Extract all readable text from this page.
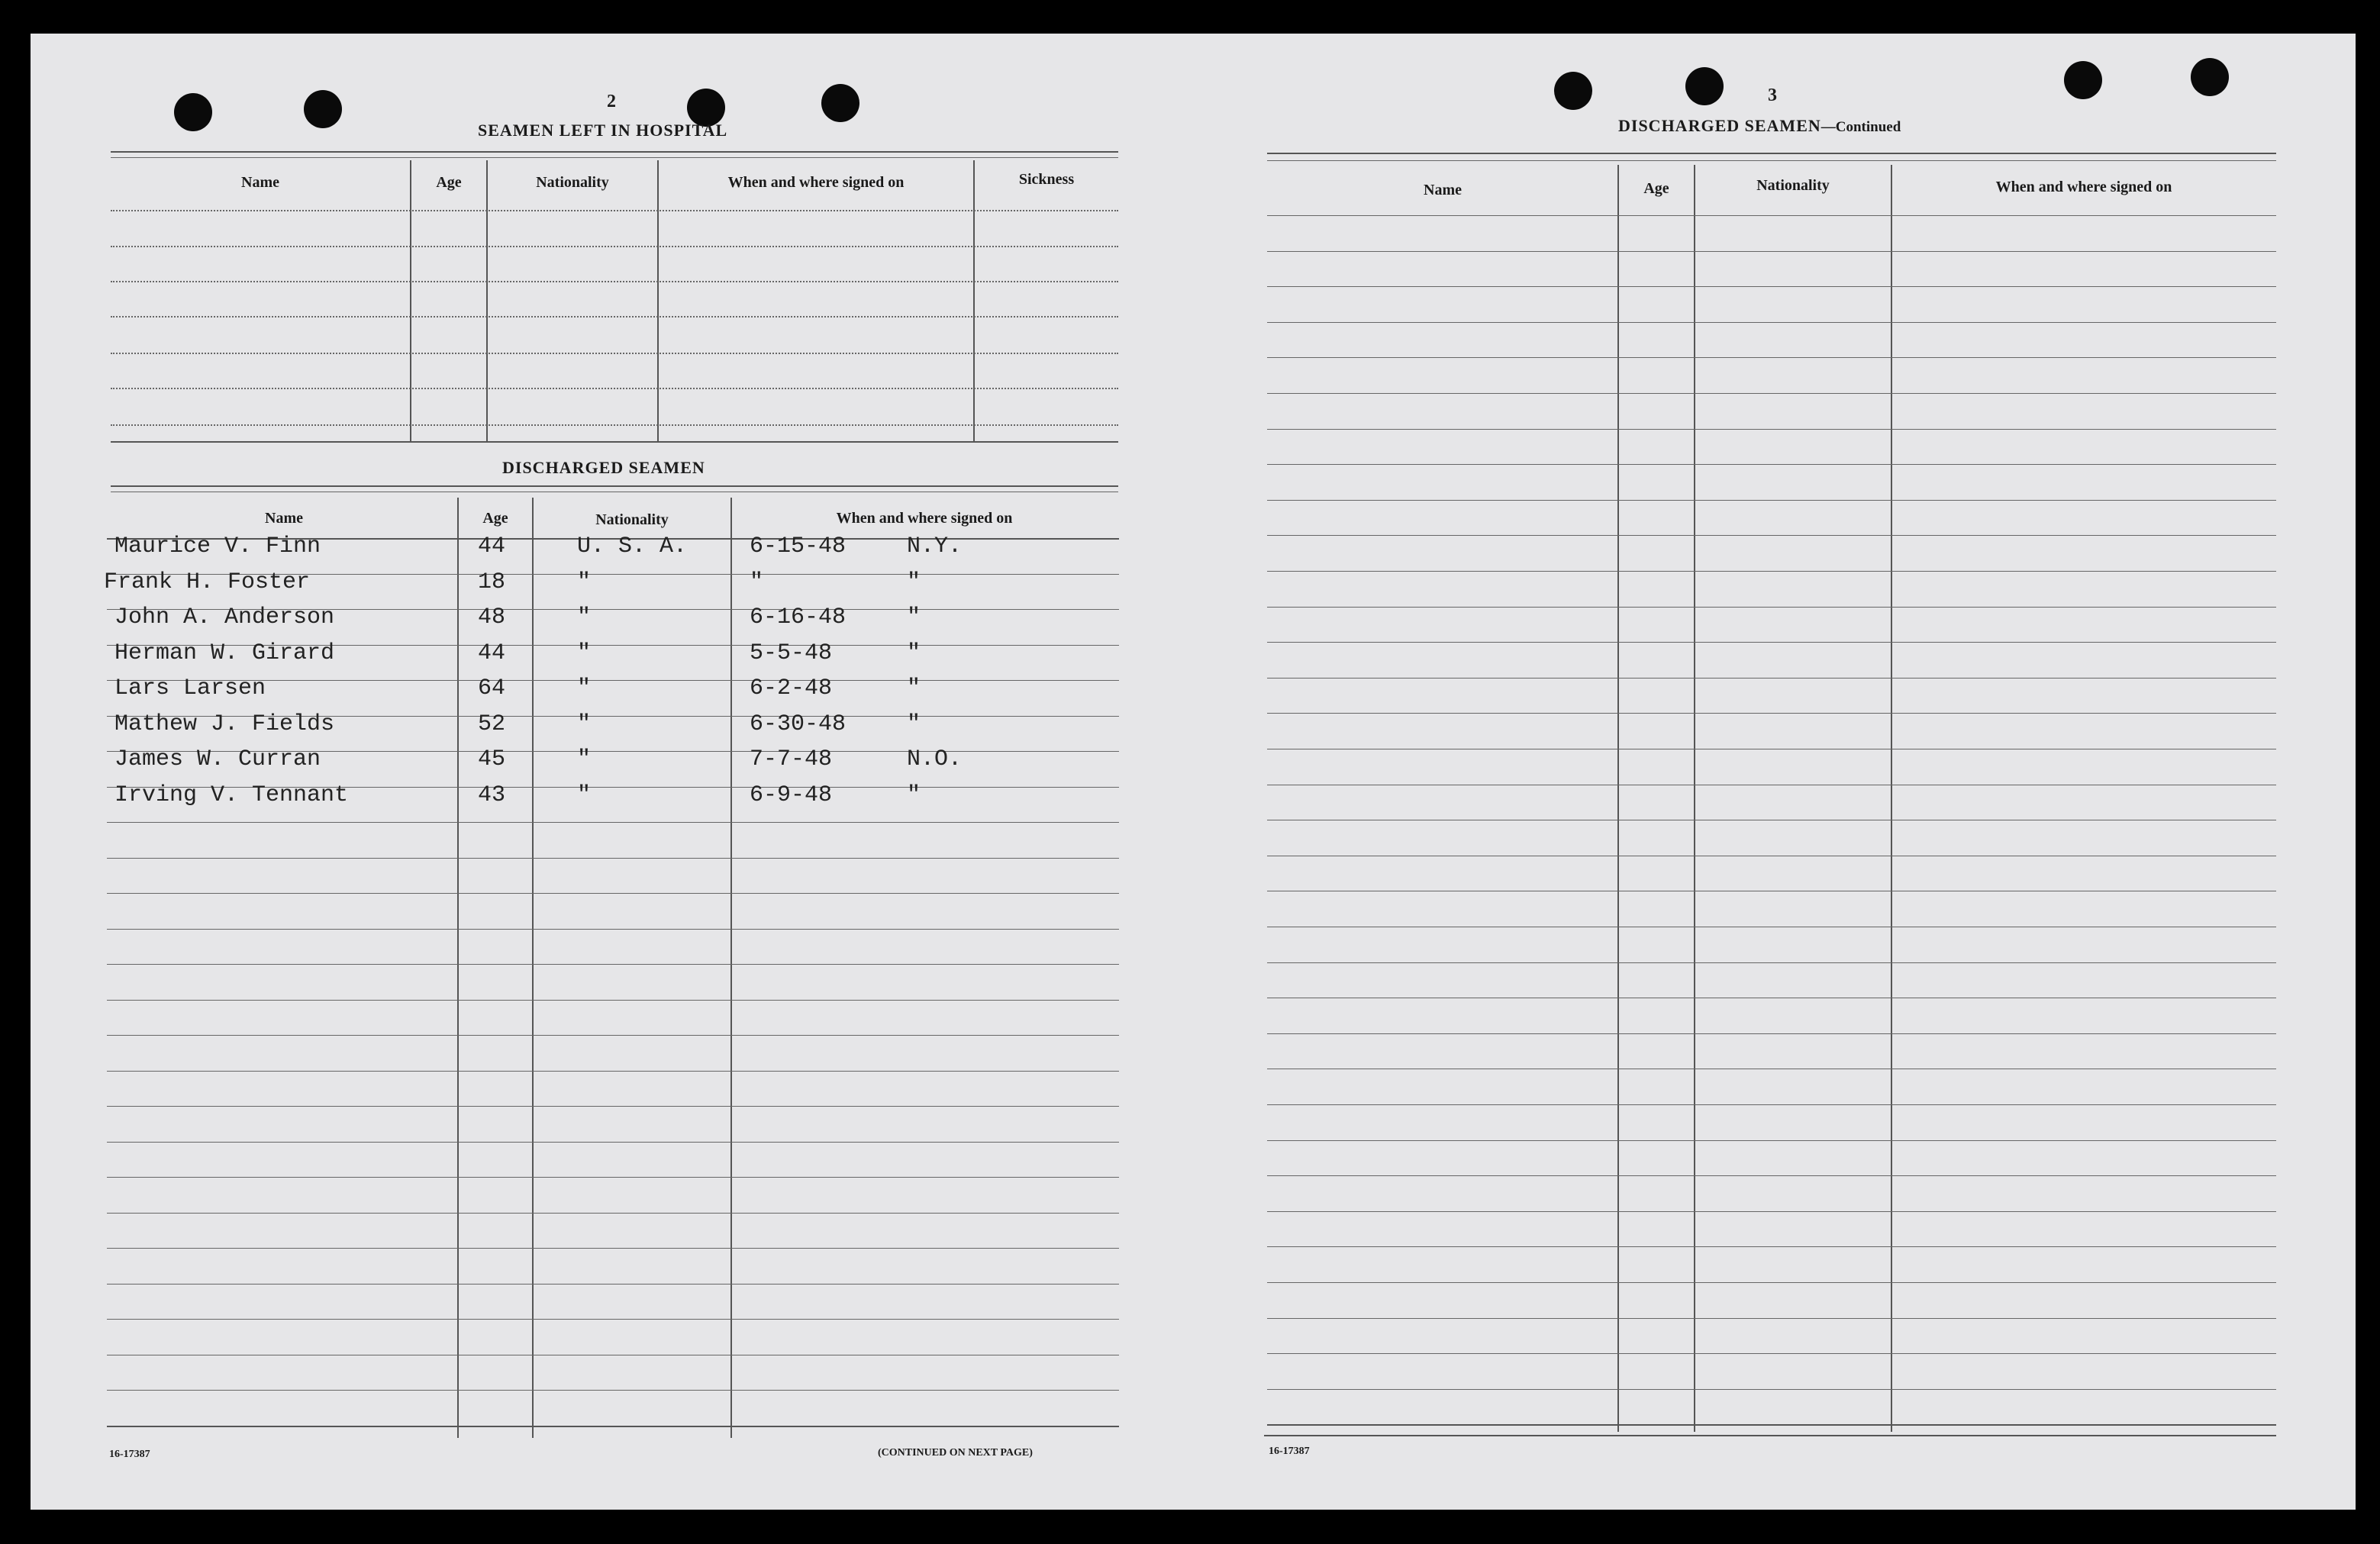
2
SEAMEN LEFT IN HOSPITAL
Name	Age	Nationality	When and where signed on	Sickness
DISCHARGED SEAMEN
Name	Age	Nationality	When and where signed on
Maurice V. Finn	44	U. S. A.	6-15-48	N.Y.
Frank H. Foster	18	"	"	"
John A. Anderson	48	"	6-16-48	"
Herman W. Girard	44	"	5-5-48	"
Lars Larsen	64	"	6-2-48	"
Mathew J. Fields	52	"	6-30-48	"
James W. Curran	45	"	7-7-48	N.O.
Irving V. Tennant	43	"	6-9-48	"
16-17387	(CONTINUED ON NEXT PAGE)
3
DISCHARGED SEAMEN—Continued
Name	Age	Nationality	When and where signed on
16-17387
